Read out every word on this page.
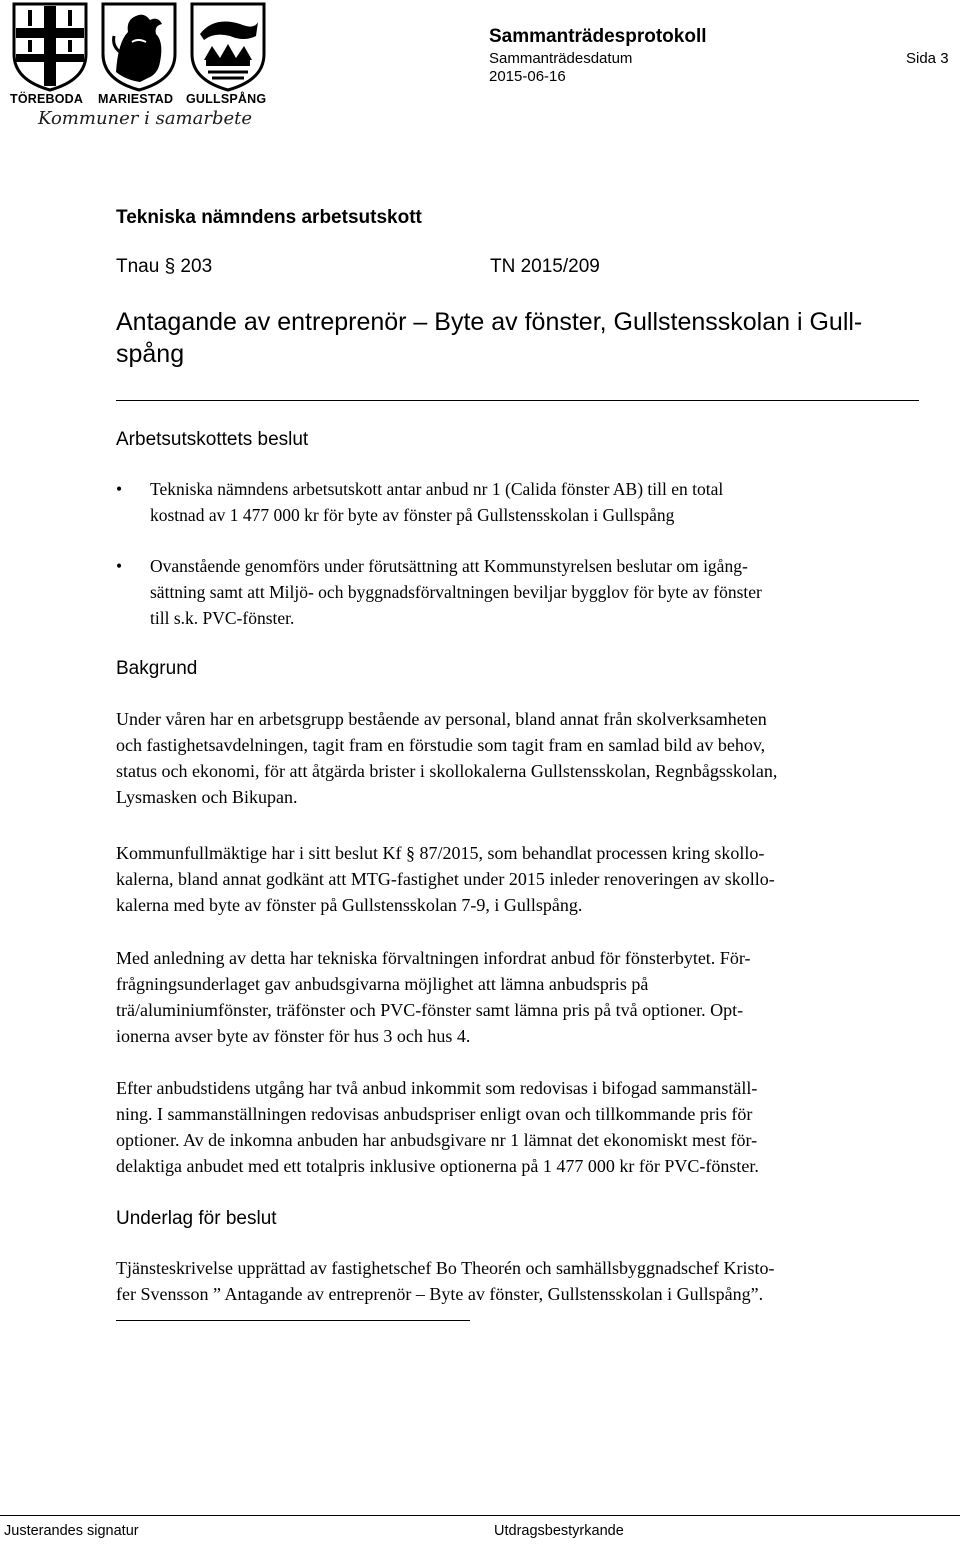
TÖREBODA MARIESTAD GULLSPÅNG
Kommuner i samarbete
Sammanträdesprotokoll
Sammanträdesdatum
2015-06-16
Sida 3
Tekniska nämndens arbetsutskott
Tnau § 203	TN 2015/209
Antagande av entreprenör – Byte av fönster, Gullstensskolan i Gull-
spång
Arbetsutskottets beslut
•	Tekniska nämndens arbetsutskott antar anbud nr 1 (Calida fönster AB) till en total
kostnad av 1 477 000 kr för byte av fönster på Gullstensskolan i Gullspång
•	Ovanstående genomförs under förutsättning att Kommunstyrelsen beslutar om igång-
sättning samt att Miljö- och byggnadsförvaltningen beviljar bygglov för byte av fönster
till s.k. PVC-fönster.
Bakgrund
Under våren har en arbetsgrupp bestående av personal, bland annat från skolverksamheten
och fastighetsavdelningen, tagit fram en förstudie som tagit fram en samlad bild av behov,
status och ekonomi, för att åtgärda brister i skollokalerna Gullstensskolan, Regnbågsskolan,
Lysmasken och Bikupan.
Kommunfullmäktige har i sitt beslut Kf § 87/2015, som behandlat processen kring skollo-
kalerna, bland annat godkänt att MTG-fastighet under 2015 inleder renoveringen av skollo-
kalerna med byte av fönster på Gullstensskolan 7-9, i Gullspång.
Med anledning av detta har tekniska förvaltningen infordrat anbud för fönsterbytet. För-
frågningsunderlaget gav anbudsgivarna möjlighet att lämna anbudspris på
trä/aluminiumfönster, träfönster och PVC-fönster samt lämna pris på två optioner. Opt-
ionerna avser byte av fönster för hus 3 och hus 4.
Efter anbudstidens utgång har två anbud inkommit som redovisas i bifogad sammanställ-
ning. I sammanställningen redovisas anbudspriser enligt ovan och tillkommande pris för
optioner. Av de inkomna anbuden har anbudsgivare nr 1 lämnat det ekonomiskt mest för-
delaktiga anbudet med ett totalpris inklusive optionerna på 1 477 000 kr för PVC-fönster.
Underlag för beslut
Tjänsteskrivelse upprättad av fastighetschef Bo Theorén och samhällsbyggnadschef Kristo-
fer Svensson ” Antagande av entreprenör – Byte av fönster, Gullstensskolan i Gullspång”.
Justerandes signatur	Utdragsbestyrkande
